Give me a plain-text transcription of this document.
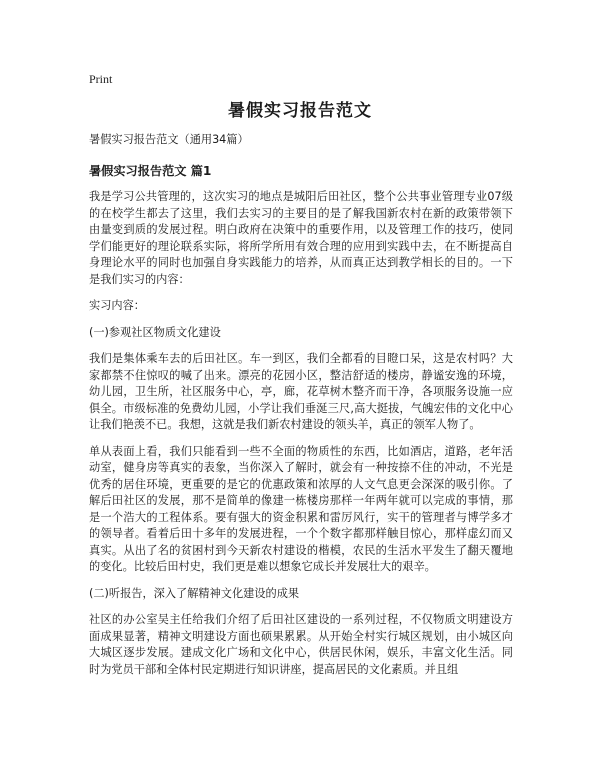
Print
暑假实习报告范文

暑假实习报告范文（通用34篇）

暑假实习报告范文 篇1

我是学习公共管理的，这次实习的地点是城阳后田社区，整个公共事业管理专业07级的在校学生都去了这里，我们去实习的主要目的是了解我国新农村在新的政策带领下由量变到质的发展过程。明白政府在决策中的重要作用，以及管理工作的技巧，使同学们能更好的理论联系实际，将所学所用有效合理的应用到实践中去，在不断提高自身理论水平的同时也加强自身实践能力的培养，从而真正达到教学相长的目的。一下是我们实习的内容：

实习内容：

(一)参观社区物质文化建设

我们是集体乘车去的后田社区。车一到区，我们全都看的目瞪口呆，这是农村吗？大家都禁不住惊叹的喊了出来。漂亮的花园小区，整洁舒适的楼房，静谧安逸的环境，幼儿园，卫生所，社区服务中心，亭，廊，花草树木整齐而干净，各项服务设施一应俱全。市级标准的免费幼儿园，小学让我们垂涎三尺,高大挺拔，气魄宏伟的文化中心让我们艳羡不已。我想，这就是我们新农村建设的领头羊，真正的领军人物了。

单从表面上看，我们只能看到一些不全面的物质性的东西，比如酒店，道路，老年活动室，健身房等真实的表象，当你深入了解时，就会有一种按捺不住的冲动，不光是优秀的居住环境，更重要的是它的优惠政策和浓厚的人文气息更会深深的吸引你。了解后田社区的发展，那不是简单的像建一栋楼房那样一年两年就可以完成的事情，那是一个浩大的工程体系。要有强大的资金积累和雷厉风行，实干的管理者与博学多才的领导者。看着后田十多年的发展进程，一个个数字都那样触目惊心，那样虚幻而又真实。从出了名的贫困村到今天新农村建设的楷模，农民的生活水平发生了翻天覆地的变化。比较后田村史，我们更是难以想象它成长并发展壮大的艰辛。

(二)听报告，深入了解精神文化建设的成果

社区的办公室吴主任给我们介绍了后田社区建设的一系列过程，不仅物质文明建设方面成果显著，精神文明建设方面也硕果累累。从开始全村实行城区规划，由小城区向大城区逐步发展。建成文化广场和文化中心，供居民休闲，娱乐，丰富文化生活。同时为党员干部和全体村民定期进行知识讲座，提高居民的文化素质。并且组
